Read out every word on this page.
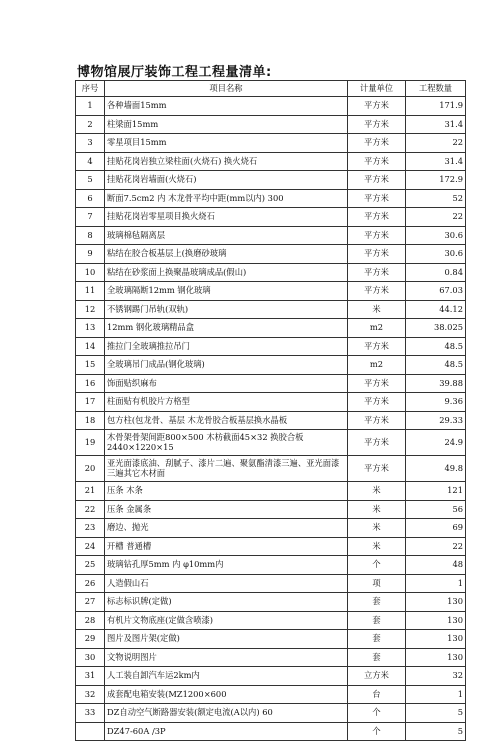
博物馆展厅装饰工程工程量清单:
序号	项目名称	计量单位	工程数量
1	各种墙面15mm	平方米	171.9
2	柱梁面15mm	平方米	31.4
3	零星项目15mm	平方米	22
4	挂贴花岗岩独立梁柱面(火烧石) 换火烧石	平方米	31.4
5	挂贴花岗岩墙面(火烧石)	平方米	172.9
6	断面7.5cm2 内 木龙骨平均中距(mm以内) 300	平方米	52
7	挂贴花岗岩零星项目换火烧石	平方米	22
8	玻璃棉毡隔离层	平方米	30.6
9	粘结在胶合板基层上(换磨砂玻璃	平方米	30.6
10	粘结在砂浆面上换聚晶玻璃成品(假山)	平方米	0.84
11	全玻璃隔断12mm 钢化玻璃	平方米	67.03
12	不锈钢踢门吊轨(双轨)	米	44.12
13	12mm 钢化玻璃精品盒	m2	38.025
14	推拉门全玻璃推拉吊门	平方米	48.5
15	全玻璃吊门成品(钢化玻璃)	m2	48.5
16	饰面贴织麻布	平方米	39.88
17	柱面贴有机胶片方格型	平方米	9.36
18	包方柱(包龙骨、基层 木龙骨胶合板基层换水晶板	平方米	29.33
19	木骨架骨架间距800×500 木枋截面45×32 换胶合板 2440×1220×15	平方米	24.9
20	亚光面漆底油、刮腻子、漆片二遍、聚氨酯清漆三遍、亚光面漆三遍其它木材面	平方米	49.8
21	压条 木条	米	121
22	压条 金属条	米	56
23	磨边、抛光	米	69
24	开槽 普通槽	米	22
25	玻璃钻孔厚5mm 内 φ10mm内	个	48
26	人造假山石	项	1
27	标志标识牌(定做)	套	130
28	有机片文物底座(定做含喷漆)	套	130
29	图片及图片架(定做)	套	130
30	文物说明图片	套	130
31	人工装自卸汽车运2km内	立方米	32
32	成套配电箱安装(MZ1200×600	台	1
33	DZ自动空气断路器安装(额定电流(A以内) 60	个	5
	DZ47-60A /3P	个	5
